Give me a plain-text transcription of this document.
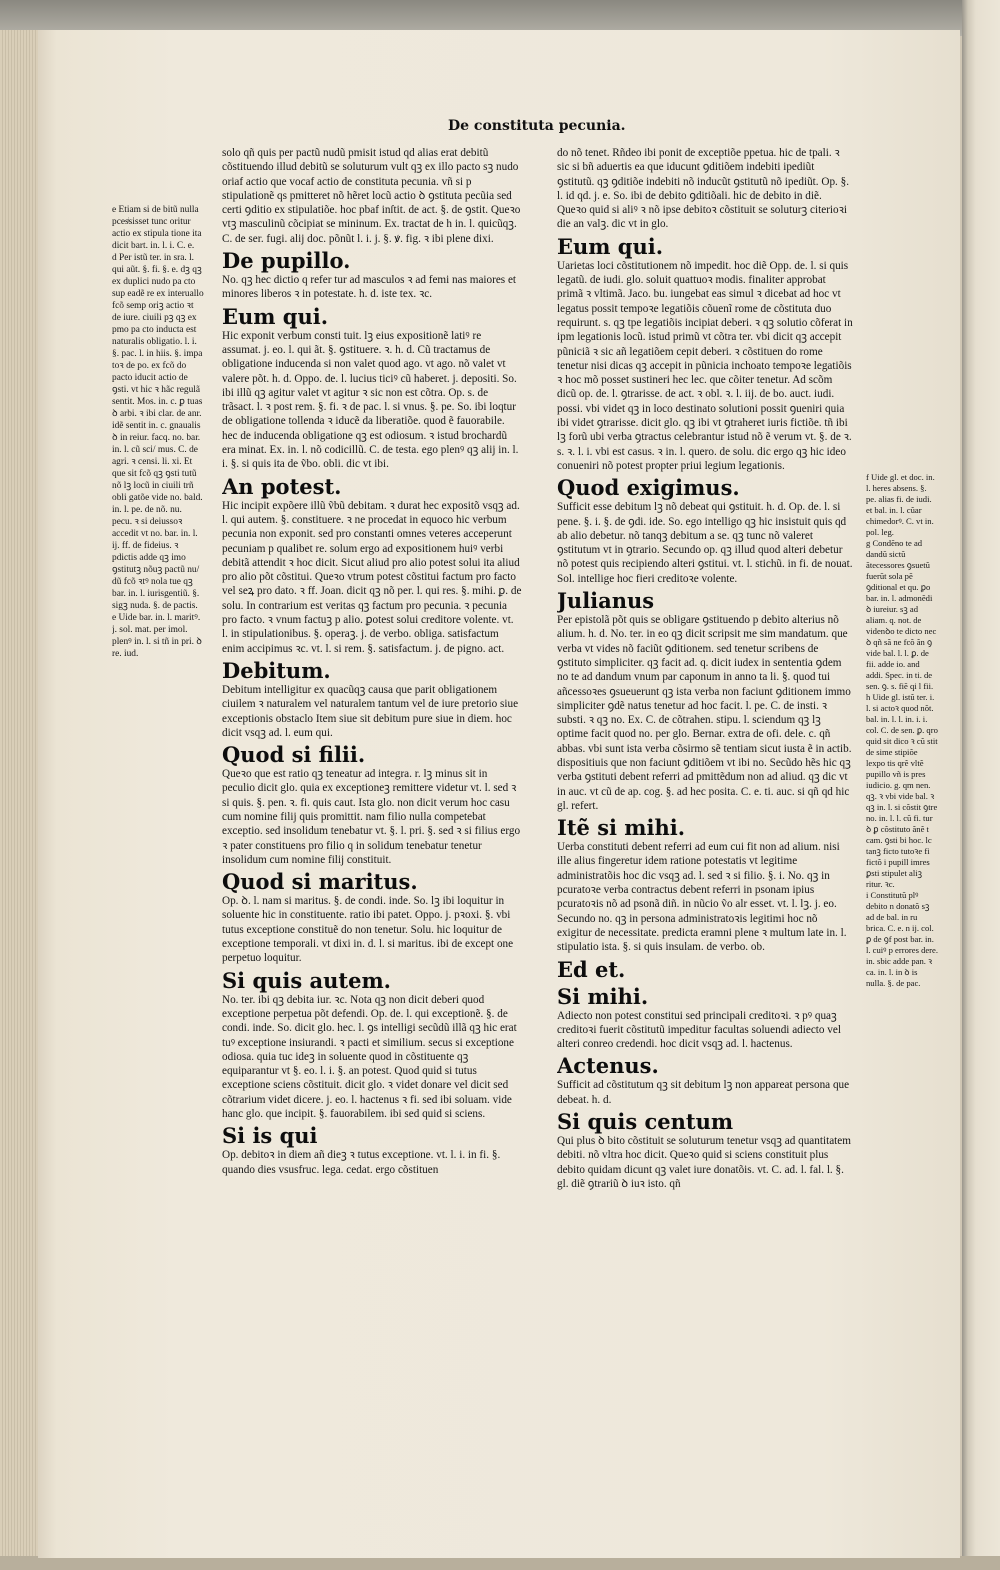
De constituta pecunia.

e Etiam si de bitũ nulla pcesͥsisset tunc oritur actio ex stipula tione ita dicit bart. in. l. i. C. e.

d Per istũ ter. in sra. l. qui aũt. §. fi. §. e. dꝫ qꝫ ex duplici nudo pa cto sup eadẽ re ex interuallo fcõ semp oriꝫ actio ꝛt de iure. ciuili pꝫ qꝫ ex pmo pa cto inducta est naturalis obligatio. l. i. §. pac. l. in hiis. §. impa toꝛ de po. ex fcõ do pacto iducit actio de ꝯsti. vt hic ꝛ hãc regulã sentit. Mos. in. c. ꝑ tuas ꝺ arbi. ꝛ ibi clar. de anr. idẽ sentit in. c. gnaualis ꝺ in reiur. facq. no. bar. in. l. cũ sci/ mus. C. de agri. ꝛ censi. li. xi. Et que sit fcõ qꝫ ꝯsti tutũ nõ lꝫ locũ in ciuili trñ obli gatõe vide no. bald. in. l. pe. de nõ. nu. pecu. ꝛ si deiussoꝛ accedit vt no. bar. in. l. ij. ff. de fideius. ꝛ pdictis adde qꝫ imo ꝯstitutꝫ nõuꝫ pactũ nu/ dũ fcõ ꝛtꝰ nola tue qꝫ bar. in. l. iurisgentiũ. §. sigꝫ nuda. §. de pactis.

e Uide bar. in. l. maritꝰ. j. sol. mat. per imol. plenꝰ in. l. si tñ in pri. ꝺ re. iud.

solo qñ quis per pactũ nudũ pmisit istud qd alias erat debitũ cõstituendo illud debitũ se soluturum vult qꝫ ex illo pacto sꝫ nudo oriaf actio que vocaf actio de constituta pecunia. vñ si p stipulationẽ qs pmitteret nõ hẽret locũ actio ꝺ ꝯstituta pecũia sed certi ꝯditio ex stipulatiõe. hoc pbaf inſtit. de act. §. de ꝯstit. Queꝛo vtꝫ masculinũ cõcipiat se mininum. Ex. tractat de h in. l. quicũqꝫ. C. de ser. fugi. alij doc. põnũt l. i. j. §. ꝟ. fig. ꝛ ibi plene dixi.

De pupillo.

No. qꝫ hec dictio q refer tur ad masculos ꝛ ad femi nas maiores et minores liberos ꝛ in potestate. h. d. iste tex. ꝛc.

Eum qui.

Hic exponit verbum consti tuit. lꝫ eius expositionẽ latiꝰ re assumat. j. eo. l. qui ãt. §. ꝯstituere. ꝛ. h. d. Cũ tractamus de obligatione inducenda si non valet quod ago. vt ago. nõ valet vt valere põt. h. d. Oppo. de. l. lucius ticiꝰ cũ haberet. j. depositi. So. ibi illũ qꝫ agitur valet vt agitur ꝛ sic non est cõtra. Op. s. de trãsact. l. ꝛ post rem. §. fi. ꝛ de pac. l. si vnus. §. pe. So. ibi loqtur de obligatione tollenda ꝛ iducẽ da liberatiõe. quod ẽ fauorabile. hec de inducenda obligatione qꝫ est odiosum. ꝛ istud brochardũ era minat. Ex. in. l. nõ codicillũ. C. de testa. ego plenꝰ qꝫ alij in. l. i. §. si quis ita de ṽbo. obli. dic vt ibi.

An potest.

Hic incipit expõere illũ ṽbũ debitam. ꝛ durat hec expositõ vsqꝫ ad. l. qui autem. §. constituere. ꝛ ne procedat in equoco hic verbum pecunia non exponit. sed pro constanti omnes veteres acceperunt pecuniam p qualibet re. solum ergo ad expositionem huiꝰ verbi debitã attendit ꝛ hoc dicit. Sicut aliud pro alio potest solui ita aliud pro alio põt cõstitui. Queꝛo vtrum potest cõstitui factum pro facto vel seꝝ pro dato. ꝛ ff. Joan. dicit qꝫ nõ per. l. qui res. §. mihi. ꝑ. de solu. In contrarium est veritas qꝫ factum pro pecunia. ꝛ pecunia pro facto. ꝛ vnum factuꝫ p alio. ꝑotest solui creditore volente. vt. l. in stipulationibus. §. operaꝫ. j. de verbo. obliga. satisfactum enim accipimus ꝛc. vt. l. si rem. §. satisfactum. j. de pigno. act.

Debitum.

Debitum intelligitur ex quacũqꝫ causa que parit obligationem ciuilem ꝛ naturalem vel naturalem tantum vel de iure pretorio siue exceptionis obstaclo Item siue sit debitum pure siue in diem. hoc dicit vsqꝫ ad. l. eum qui.

Quod si filii.

Queꝛo que est ratio qꝫ teneatur ad integra. r. lꝫ minus sit in peculio dicit glo. quia ex exceptioneꝫ remittere videtur vt. l. sed ꝛ si quis. §. pen. ꝛ. fi. quis caut. Ista glo. non dicit verum hoc casu cum nomine filij quis promittit. nam filio nulla competebat exceptio. sed insolidum tenebatur vt. §. l. pri. §. sed ꝛ si filius ergo ꝛ pater constituens pro filio q in solidum tenebatur tenetur insolidum cum nomine filij constituit.

Quod si maritus.

Op. ꝺ. l. nam si maritus. §. de condi. inde. So. lꝫ ibi loquitur in soluente hic in constituente. ratio ibi patet. Oppo. j. pꝛoxi. §. vbi tutus exceptione constituẽ do non tenetur. Solu. hic loquitur de exceptione temporali. vt dixi in. d. l. si maritus. ibi de except one perpetuo loquitur.

Si quis autem.

No. ter. ibi qꝫ debita iur. ꝛc. Nota qꝫ non dicit deberi quod exceptione perpetua põt defendi. Op. de. l. qui exceptionẽ. §. de condi. inde. So. dicit glo. hec. l. ꝯs intelligi secũdũ illã qꝫ hic erat tuꝰ exceptione insiurandi. ꝛ pacti et similium. secus si exceptione odiosa. quia tuc ideꝫ in soluente quod in cõstituente qꝫ equiparantur vt §. eo. l. i. §. an potest. Quod quid si tutus exceptione sciens cõstituit. dicit glo. ꝛ videt donare vel dicit sed cõtrarium videt dicere. j. eo. l. hactenus ꝛ fi. sed ibi soluam. vide hanc glo. que incipit. §. fauorabilem. ibi sed quid si sciens.

Si is qui

Op. debitoꝛ in diem añ dieꝫ ꝛ tutus exceptione. vt. l. i. in fi. §. quando dies vsusfruc. lega. cedat. ergo cõstituen

do nõ tenet. Rñdeo ibi ponit de exceptiõe ppetua. hic de tpali. ꝛ sic si bñ aduertis ea que iducunt ꝯditiõem indebiti ipediũt ꝯstitutũ. qꝫ ꝯditiõe indebiti nõ inducũt ꝯstitutũ nõ ipediũt. Op. §. l. id qd. j. e. So. ibi de debito ꝯditiõali. hic de debito in diẽ. Queꝛo quid si aliꝰ ꝛ nõ ipse debitoꝛ cõstituit se soluturꝫ citerioꝛi die an valꝫ. dic vt in glo.

Eum qui.

Uarietas loci cõstitutionem nõ impedit. hoc diẽ Opp. de. l. si quis legatũ. de iudi. glo. soluit quattuoꝛ modis. finaliter approbat primã ꝛ vltimã. Jaco. bu. iungebat eas simul ꝛ dicebat ad hoc vt legatus possit tempoꝛe legatiõis cõuenĩ rome de cõstituta duo requirunt. s. qꝫ tpe legatiõis incipiat deberi. ꝛ qꝫ solutio cõferat in ipm legationis locũ. istud primũ vt cõtra ter. vbi dicit qꝫ accepit pũniciã ꝛ sic añ legatiõem cepit deberi. ꝛ cõstituen do rome tenetur nisi dicas qꝫ accepit in pũnicia inchoato tempoꝛe legatiõis ꝛ hoc mõ posset sustineri hec lec. que cõiter tenetur. Ad scõm dicũ op. de. l. ꝯtrarisse. de act. ꝛ obl. ꝛ. l. iij. de bo. auct. iudi. possi. vbi videt qꝫ in loco destinato solutioni possit ꝯueniri quia ibi videt ꝯtrarisse. dicit glo. qꝫ ibi vt ꝯtraheret iuris fictiõe. tñ ibi lꝫ forũ ubi verba ꝯtractus celebrantur istud nõ ẽ verum vt. §. de ꝛ. s. ꝛ. l. i. vbi est casus. ꝛ in. l. quero. de solu. dic ergo qꝫ hic ideo conueniri nõ potest propter priui legium legationis.

Quod exigimus.

Sufficit esse debitum lꝫ nõ debeat qui ꝯstituit. h. d. Op. de. l. si pene. §. i. §. de ꝯdi. ide. So. ego intelligo qꝫ hic insistuit quis qd ab alio debetur. nõ tanqꝫ debitum a se. qꝫ tunc nõ valeret ꝯstitutum vt in ꝯtrario. Secundo op. qꝫ illud quod alteri debetur nõ potest quis recipiendo alteri ꝯstitui. vt. l. stichũ. in fi. de nouat. Sol. intellige hoc fieri creditoꝛe volente.

Julianus

Per epistolã põt quis se obligare ꝯstituendo p debito alterius nõ alium. h. d. No. ter. in eo qꝫ dicit scripsit me sim mandatum. que verba vt vides nõ faciũt ꝯditionem. sed tenetur scribens de ꝯstituto simpliciter. qꝫ facit ad. q. dicit iudex in sententia ꝯdem no te ad dandum vnum par caponum in anno ta li. §. quod tui añcessoꝛes ꝯsueuerunt qꝫ ista verba non faciunt ꝯditionem immo simpliciter ꝯdẽ natus tenetur ad hoc facit. l. pe. C. de insti. ꝛ substi. ꝛ qꝫ no. Ex. C. de cõtrahen. stipu. l. sciendum qꝫ lꝫ optime facit quod no. per glo. Bernar. extra de ofi. dele. c. qñ abbas. vbi sunt ista verba cõsirmo sẽ tentiam sicut iusta ẽ in actib. dispositiuis que non faciunt ꝯditiõem vt ibi no. Secũdo hẽs hic qꝫ verba ꝯstituti debent referri ad pmittẽdum non ad aliud. qꝫ dic vt in auc. vt cũ de ap. cog. §. ad hec posita. C. e. ti. auc. si qñ qd hic gl. refert.

Itẽ si mihi.

Uerba constituti debent referri ad eum cui fit non ad alium. nisi ille alius fingeretur idem ratione potestatis vt legitime administratõis hoc dic vsqꝫ ad. l. sed ꝛ si filio. §. i. No. qꝫ in pcuratoꝛe verba contractus debent referri in psonam ipius pcuratoꝛis nõ ad psonã diñ. in nũcio ṽo alr esset. vt. l. lꝫ. j. eo. Secundo no. qꝫ in persona administratoꝛis legitimi hoc nõ exigitur de necessitate. predicta eramni plene ꝛ multum late in. l. stipulatio ista. §. si quis insulam. de verbo. ob.

Ed et.
Si mihi.

Adiecto non potest constitui sed principali creditoꝛi. ꝛ pꝰ quaꝫ creditoꝛi fuerit cõstitutũ impeditur facultas soluendi adiecto vel alteri conreo credendi. hoc dicit vsqꝫ ad. l. hactenus.

Actenus.

Sufficit ad cõstitutum qꝫ sit debitum lꝫ non appareat persona que debeat. h. d.

Si quis centum

Qui plus ꝺ bito cõstituit se soluturum tenetur vsqꝫ ad quantitatem debiti. nõ vltra hoc dicit. Queꝛo quid si sciens constituit plus debito quidam dicunt qꝫ valet iure donatõis. vt. C. ad. l. fal. l. §. gl. diẽ ꝯtrariũ ꝺ iuꝛ isto. qñ

f Uide gl. et doc. in. l. heres absens. §. pe. alias fi. de iudi. et bal. in. l. cũar chimedorꝰ. C. vt in. pol. leg.

g Condẽno te ad dandũ sictũ ãtecessores ꝯsuetũ fuerũt sola pẽ ꝯditional et qu. ꝑo bar. in. l. admonẽdi ꝺ iureiur. sꝫ ad aliam. q. not. de videnꝺo te dicto nec ꝺ qñ sã ne fcõ ãn ꝯ vide bal. l. l. ꝑ. de fii. adde io. and addi. Spec. in ti. de sen. ꝯ. s. fiẽ qi l fii.

h Uide gl. istũ ter. i. l. si actoꝛ quod nõt. bal. in. l. l. in. i. i. col. C. de sen. ꝑ. qro quid sit dico ꝛ cũ stit de sime stipiõe lexpo tis qrẽ vltẽ pupillo vñ is pres iudicio. g. qm nen. qꝫ. ꝛ vbi vide bal. ꝛ qꝫ in. l. si cõstit ꝯtre no. in. l. l. cũ fi. tur ꝺ ꝑ cõstituto ãnẽ t cam. ꝯsti bi hoc. lc tanꝫ ficto tutoꝛe fi fictõ i pupill imres ꝑsti stipulet aliꝫ ritur. ꝛc.

i Constitutũ plꝰ debito n donatõ sꝫ ad de bal. in ru brica. C. e. n ij. col. ꝑ de ꝯf post bar. in. l. cuiꝰ p errores dere. in. sbic adde pan. ꝛ ca. in. l. in ꝺ is nulla. §. de pac.
